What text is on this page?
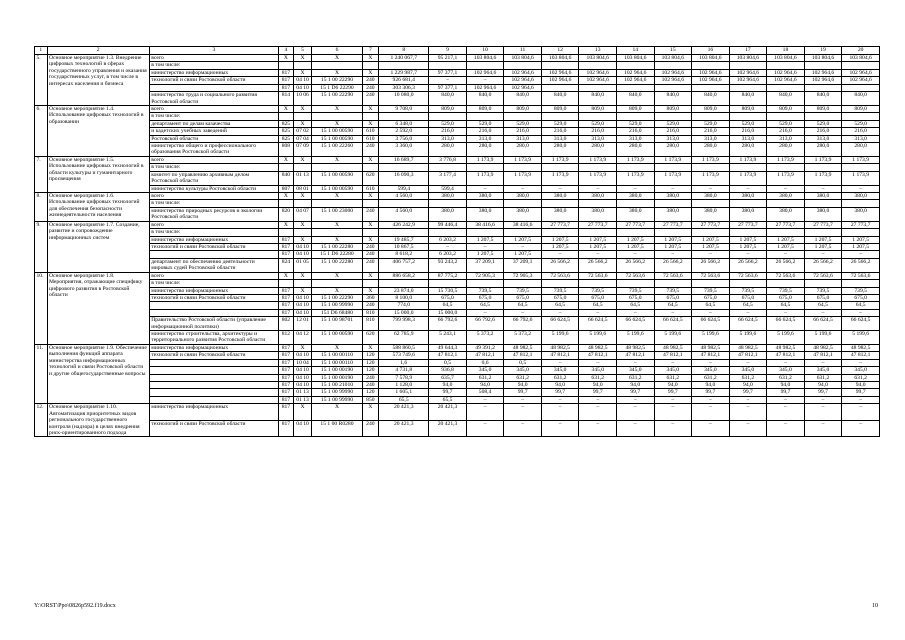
1	2	3	4	5	6	7	8	9	10	11	12	13	14	15	16	17	18	19	20
5.	Основное мероприятие 1.3. Внедрение цифровых технологий в сферах государственного управления и оказания государственных услуг, в том числе в интересах населения и бизнеса	всего	Х	Х	Х	Х	1 240 067,7	95 217,1	103 804,6	103 804,6	103 804,6	103 804,6	103 804,6	103 804,6	103 804,6	103 804,6	103 804,6	103 804,6	103 804,6
		в том числе:																	
		министерство информационных	817	Х	Х	Х	1 229 987,7	97 377,1	102 964,6	102 964,6	102 964,6	102 964,6	102 964,6	102 964,6	102 964,6	102 964,6	102 964,6	102 964,6	102 964,6
		технологий и связи Ростовской области	817	04 10	15 1 00 22290	240	926 681,4	–	–	102 964,6	102 964,6	102 964,6	102 964,6	102 964,6	102 964,6	102 964,6	102 964,6	102 964,6	102 964,6
			817	04 10	15 1 D6 22290	240	303 306,3	97 377,1	102 964,6	102 964,6									
		министерство труда и социального развития Ростовской области	814	10 06	15 1 00 22290	240	10 080,0	840,0	840,0	840,0	840,0	840,0	840,0	840,0	840,0	840,0	840,0	840,0	840,0
6.	Основное мероприятие 1.4. Использование цифровых технологий в образовании	всего	Х	Х	Х	Х	9 708,0	809,0	809,0	809,0	809,0	809,0	809,0	809,0	809,0	809,0	809,0	809,0	809,0
		в том числе:																	
		департамент по делам казачества	825	Х	Х	Х	6 348,0	529,0	529,0	529,0	529,0	529,0	529,0	529,0	529,0	529,0	529,0	529,0	529,0
		и кадетских учебных заведений	825	07 02	15 1 00 00590	610	2 592,0	216,0	216,0	216,0	216,0	216,0	216,0	216,0	216,0	216,0	216,0	216,0	216,0
		Ростовской области	825	07 04	15 1 00 00590	610	3 756,0	313,0	313,0	313,0	313,0	313,0	313,0	313,0	313,0	313,0	313,0	313,0	313,0
		министерство общего и профессионального образования Ростовской области	808	07 09	15 1 00 22260	240	3 360,0	280,0	280,0	280,0	280,0	280,0	280,0	280,0	280,0	280,0	280,0	280,0	280,0
7.	Основное мероприятие 1.5. Использование цифровых технологий в области культуры и гуманитарного просвещения	всего	Х	Х	Х	Х	16 689,7	3 776,8	1 173,9	1 173,9	1 173,9	1 173,9	1 173,9	1 173,9	1 173,9	1 173,9	1 173,9	1 173,9	1 173,9
		в том числе:																	
		комитет по управлению архивным делом Ростовской области	840	01 13	15 1 00 00590	620	16 090,3	3 177,4	1 173,9	1 173,9	1 173,9	1 173,9	1 173,9	1 173,9	1 173,9	1 173,9	1 173,9	1 173,9	1 173,9
		министерство культуры Ростовской области	807	08 01	15 1 00 00590	610	599,4	599,4	–	–	–	–	–	–	–	–	–	–	–
8.	Основное мероприятие 1.6. Использование цифровых технологий для обеспечения безопасности жизнедеятельности населения	всего	Х	Х	Х	Х	4 560,0	380,0	380,0	380,0	380,0	380,0	380,0	380,0	380,0	380,0	380,0	380,0	380,0
		в том числе:																	
		министерство природных ресурсов и экологии Ростовской области	820	04 07	15 1 00 23000	240	4 560,0	380,0	380,0	380,0	380,0	380,0	380,0	380,0	380,0	380,0	380,0	380,0	380,0
9.	Основное мероприятие 1.7. Создание, развитие и сопровождение информационных систем	всего	Х	Х	Х	Х	426 242,9	99 446,4	38 416,6	38 416,6	27 773,7	27 773,7	27 773,7	27 773,7	27 773,7	27 773,7	27 773,7	27 773,7	27 773,7
		в том числе:																	
		министерство информационных	817	Х	Х	Х	19 485,7	6 203,2	1 207,5	1 207,5	1 207,5	1 207,5	1 207,5	1 207,5	1 207,5	1 207,5	1 207,5	1 207,5	1 207,5
		технологий и связи Ростовской области	817	04 10	15 1 00 22280	240	10 867,5	–	–	–	1 207,5	1 207,5	1 207,5	1 207,5	1 207,5	1 207,5	1 207,5	1 207,5	1 207,5
			817	04 10	15 1 D6 22280	240	8 618,2	6 203,2	1 207,5	1 207,5	–	–	–	–	–	–	–	–	–
		департамент по обеспечению деятельности мировых судей Ростовской области	824	01 05	15 1 00 22280	240	406 757,2	93 243,2	37 209,1	37 209,1	26 566,2	26 566,2	26 566,2	26 566,2	26 566,2	26 566,2	26 566,2	26 566,2	26 566,2
10.	Основное мероприятие 1.8. Мероприятия, отражающие специфику цифрового развития в Ростовской области	всего	Х	Х	Х	Х	886 658,2	87 775,2	72 905,3	72 905,3	72 563,6	72 563,6	72 563,6	72 563,6	72 563,6	72 563,6	72 563,6	72 563,6	72 563,6
		в том числе:																	
		министерство информационных	817	Х	Х	Х	23 874,0	15 730,5	739,5	739,5	739,5	739,5	739,5	739,5	739,5	739,5	739,5	739,5	739,5
		технологий и связи Ростовской области	817	04 10	15 1 00 22290	360	8 100,0	675,0	675,0	675,0	675,0	675,0	675,0	675,0	675,0	675,0	675,0	675,0	675,0
			817	04 10	15 1 00 99990	240	774,0	64,5	64,5	64,5	64,5	64,5	64,5	64,5	64,5	64,5	64,5	64,5	64,5
			817	04 10	151 D6 68480	810	15 000,0	15 000,0	–	–	–	–	–	–	–	–	–	–	–
		Правительство Ростовской области (управление информационной политики)	802	12 01	15 1 00 98701	810	799 998,3	66 792,6	66 792,6	66 792,6	66 624,5	66 624,5	66 624,5	66 624,5	66 624,5	66 624,5	66 624,5	66 624,5	66 624,5
		министерство строительства, архитектуры и территориального развития Ростовской области	812	04 12	15 1 00 00590	620	62 785,9	5 243,1	5 373,2	5 373,2	5 199,6	5 199,6	5 199,6	5 199,6	5 199,6	5 199,6	5 199,6	5 199,6	5 199,6
11.	Основное мероприятие 1.9. Обеспечение выполнения функций аппарата министерства информационных технологий и связи Ростовской области и другие общегосударственные вопросы	министерство информационных	817	Х	Х	Х	588 860,5	49 644,3	49 391,2	48 982,5	48 982,5	48 982,5	48 982,5	48 982,5	48 982,5	48 982,5	48 982,5	48 982,5	48 982,5
		технологий и связи Ростовской области	817	04 10	15 1 00 00110	120	573 749,6	47 812,1	47 812,1	47 812,1	47 812,1	47 812,1	47 812,1	47 812,1	47 812,1	47 812,1	47 812,1	47 812,1	47 812,1
			817	10 04	15 1 00 00110	120	1,6	0,5	0,6	0,5	–	–	–	–	–	–	–	–	–
			817	04 10	15 1 00 00190	120	4 731,8	936,8	345,0	345,0	345,0	345,0	345,0	345,0	345,0	345,0	345,0	345,0	345,0
			817	04 10	15 1 00 00190	240	7 578,9	635,7	631,2	631,2	631,2	631,2	631,2	631,2	631,2	631,2	631,2	631,2	631,2
			817	04 10	15 1 00 21010	240	1 128,0	94,0	94,0	94,0	94,0	94,0	94,0	94,0	94,0	94,0	94,0	94,0	94,0
			817	01 13	15 1 00 99990	120	1 605,1	99,7	508,4	99,7	99,7	99,7	99,7	99,7	99,7	99,7	99,7	99,7	99,7
			817	01 13	15 1 00 99990	850	65,5	65,5	–	–	–	–	–	–	–	–	–	–	–
12.	Основное мероприятие 1.10. Автоматизация приоритетных видов регионального государственного контроля (надзора) в целях внедрения риск-ориентированного подхода	министерство информационных	817	Х	Х	Х	20 421,3	20 421,3	–	–	–	–	–	–	–	–	–	–	–
		технологий и связи Ростовской области	817	04 10	15 1 00 R0280	240	20 421,3	20 421,3	–	–	–	–	–	–	–	–	–	–	–
Y:\ORST\Ppo\0826p592.f19.docx	10
